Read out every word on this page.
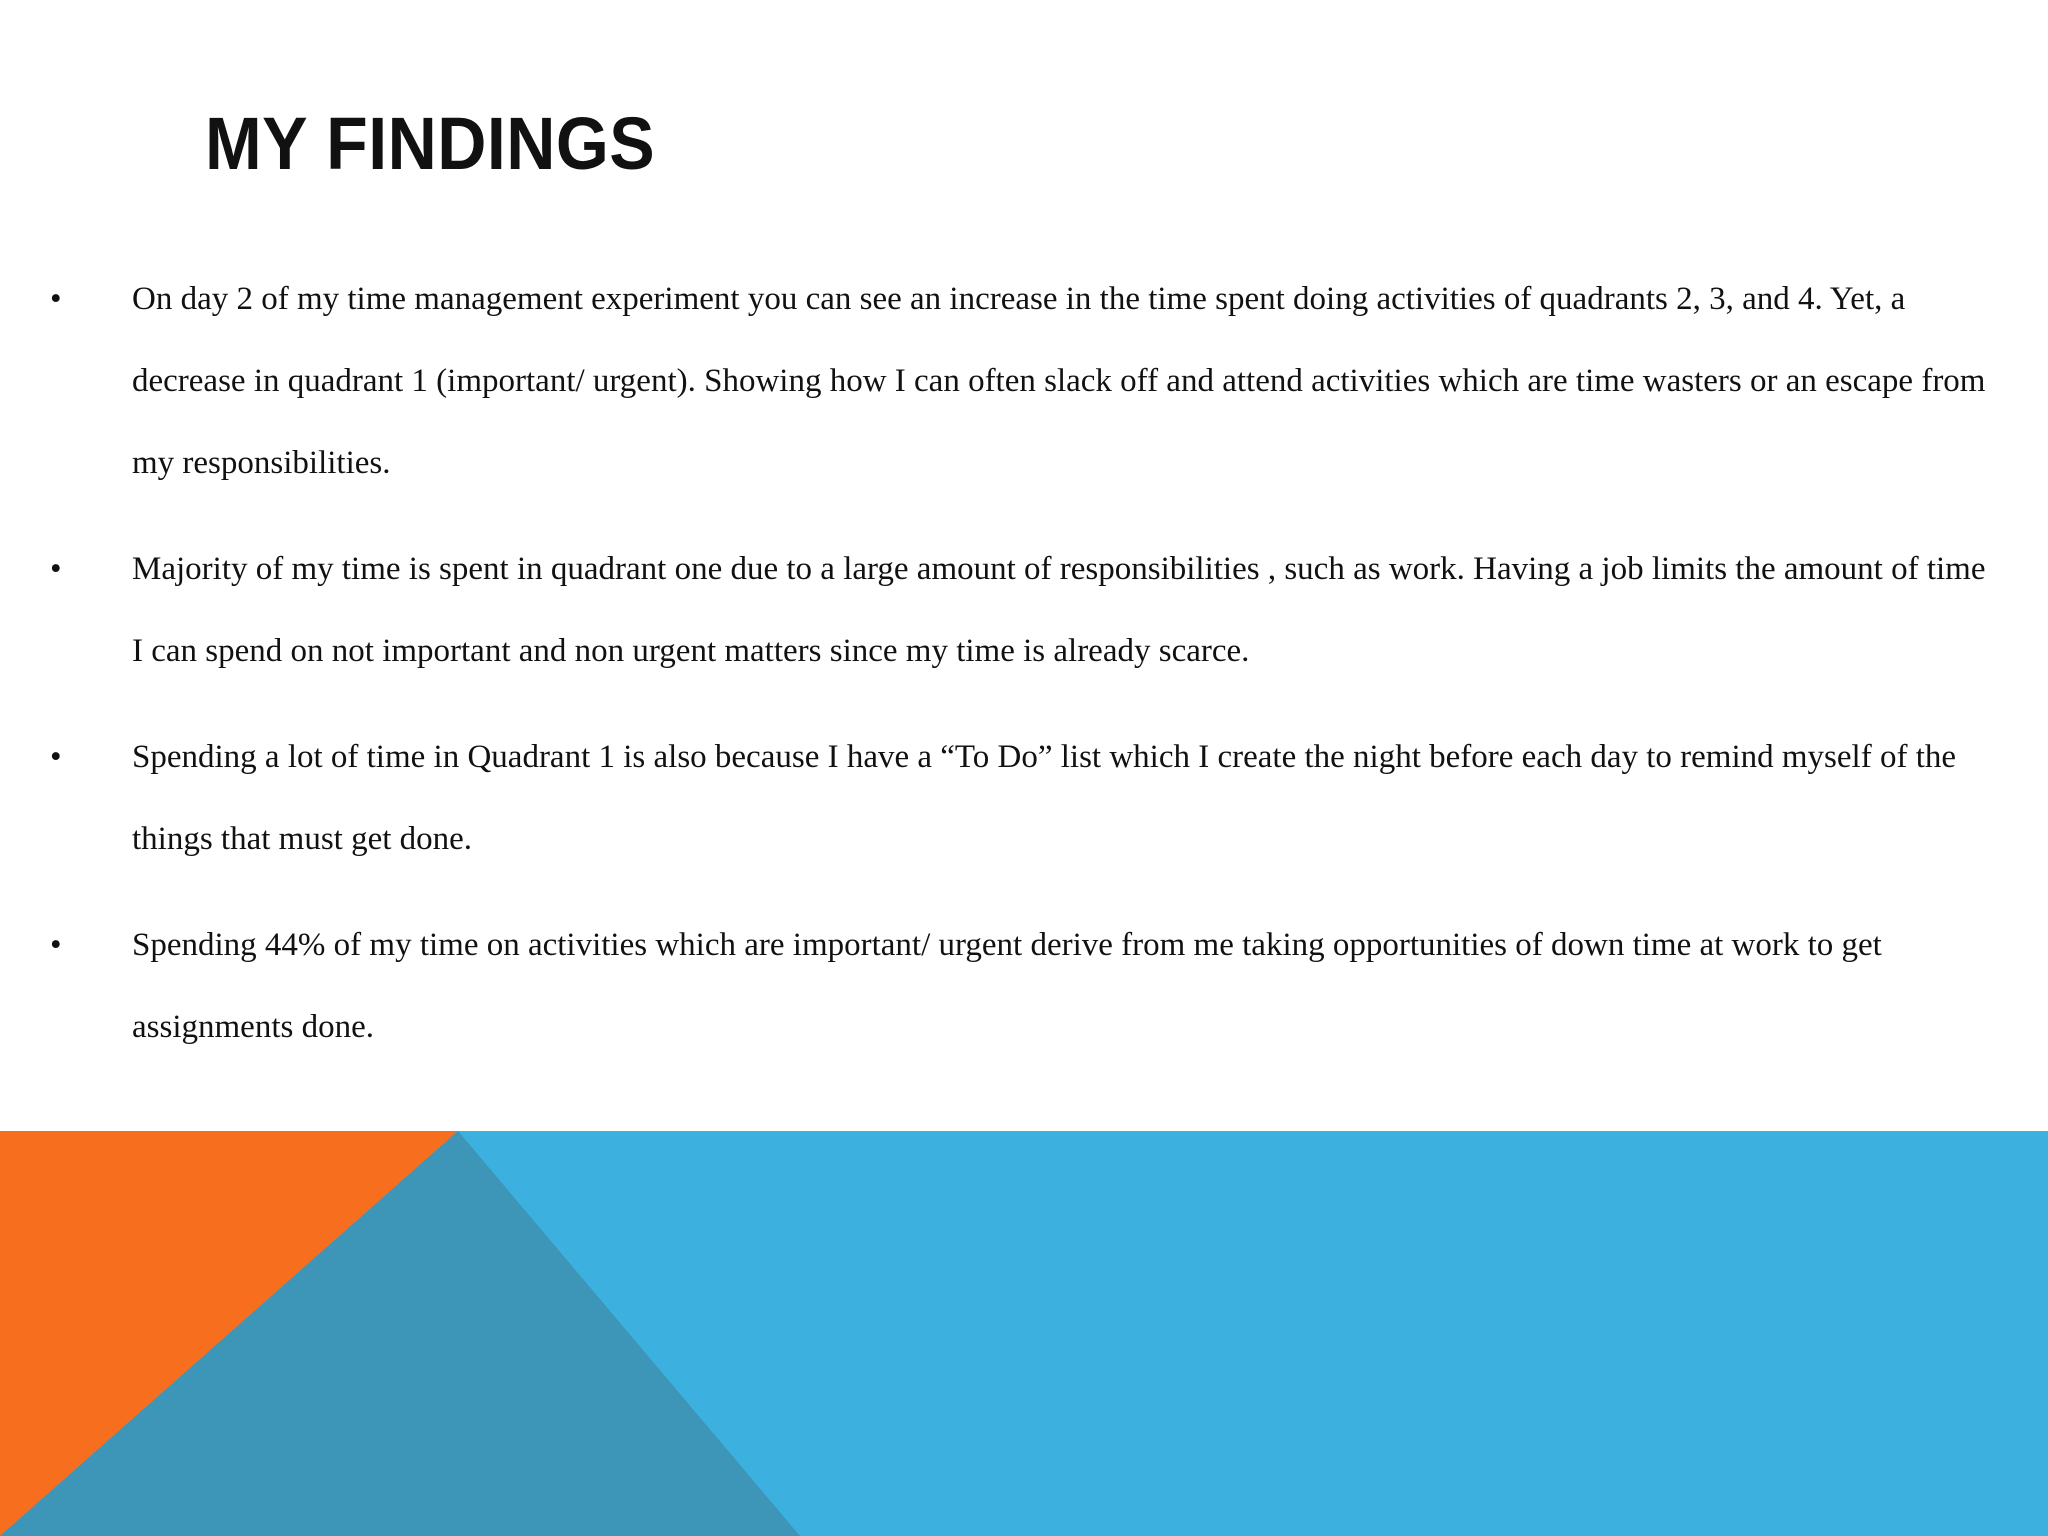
MY FINDINGS
•	On day 2 of my time management experiment you can see an increase in the time spent doing activities of quadrants 2, 3, and 4. Yet, a decrease in quadrant 1 (important/ urgent). Showing how I can often slack off and attend activities which are time wasters or an escape from my responsibilities.
•	Majority of my time is spent in quadrant one due to a large amount of responsibilities , such as work. Having a job limits the amount of time I can spend on not important and non urgent matters since my time is already scarce.
•	Spending a lot of time in Quadrant 1 is also because I have a “To Do” list which I create the night before each day to remind myself of the things that must get done.
•	Spending 44% of my time on activities which are important/ urgent derive from me taking opportunities of down time at work to get assignments done.
